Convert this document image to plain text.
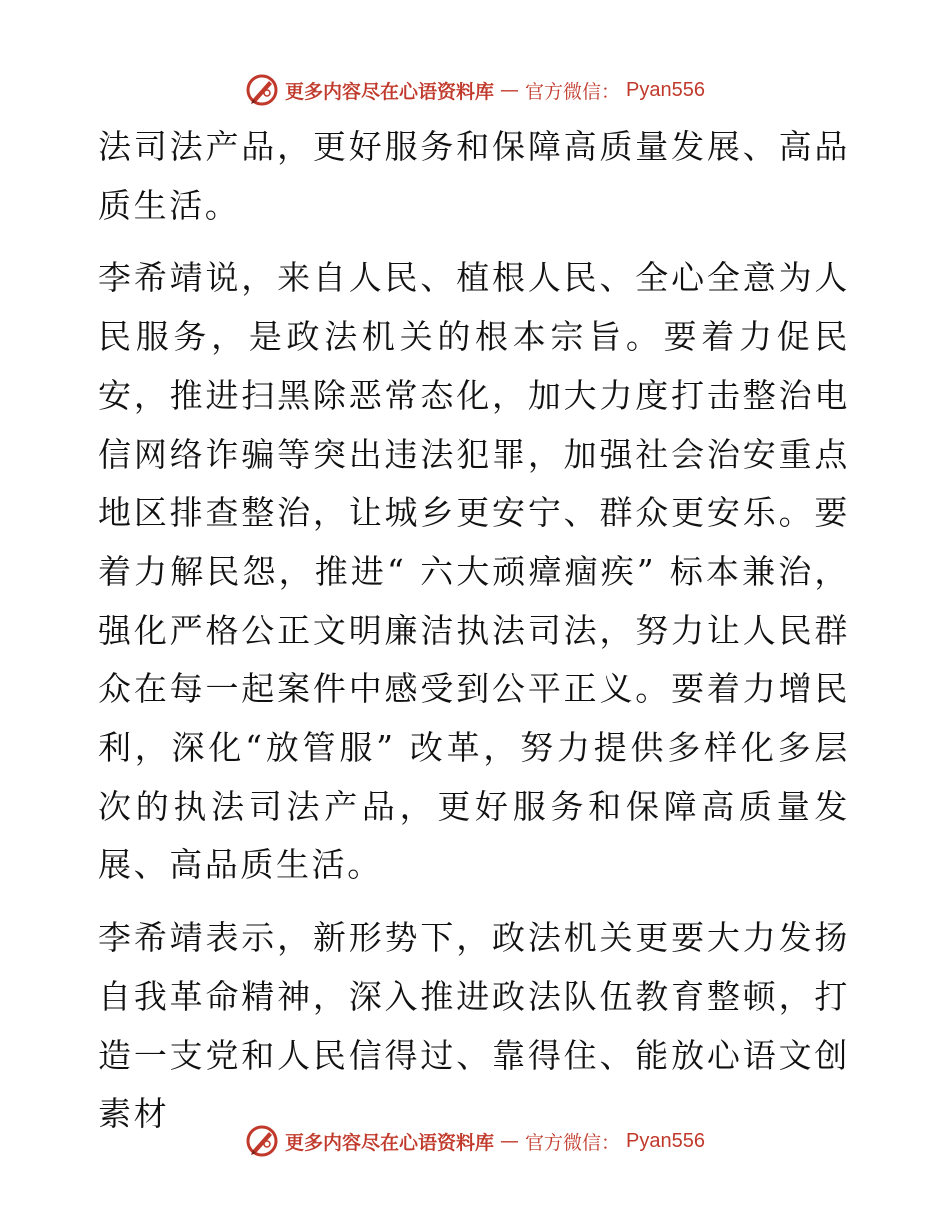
更多内容尽在心语资料库 — 官方微信： Pyan556

法司法产品，更好服务和保障高质量发展、高品质生活。

李希靖说，来自人民、植根人民、全心全意为人民服务，是政法机关的根本宗旨。要着力促民安，推进扫黑除恶常态化，加大力度打击整治电信网络诈骗等突出违法犯罪，加强社会治安重点地区排查整治，让城乡更安宁、群众更安乐。要着力解民怨，推进“ 六大顽瘴痼疾” 标本兼治，强化严格公正文明廉洁执法司法，努力让人民群众在每一起案件中感受到公平正义。要着力增民利，深化“放管服” 改革，努力提供多样化多层次的执法司法产品，更好服务和保障高质量发展、高品质生活。

李希靖表示，新形势下，政法机关更要大力发扬自我革命精神，深入推进政法队伍教育整顿，打造一支党和人民信得过、靠得住、能放心语文创素材

更多内容尽在心语资料库 — 官方微信： Pyan556
